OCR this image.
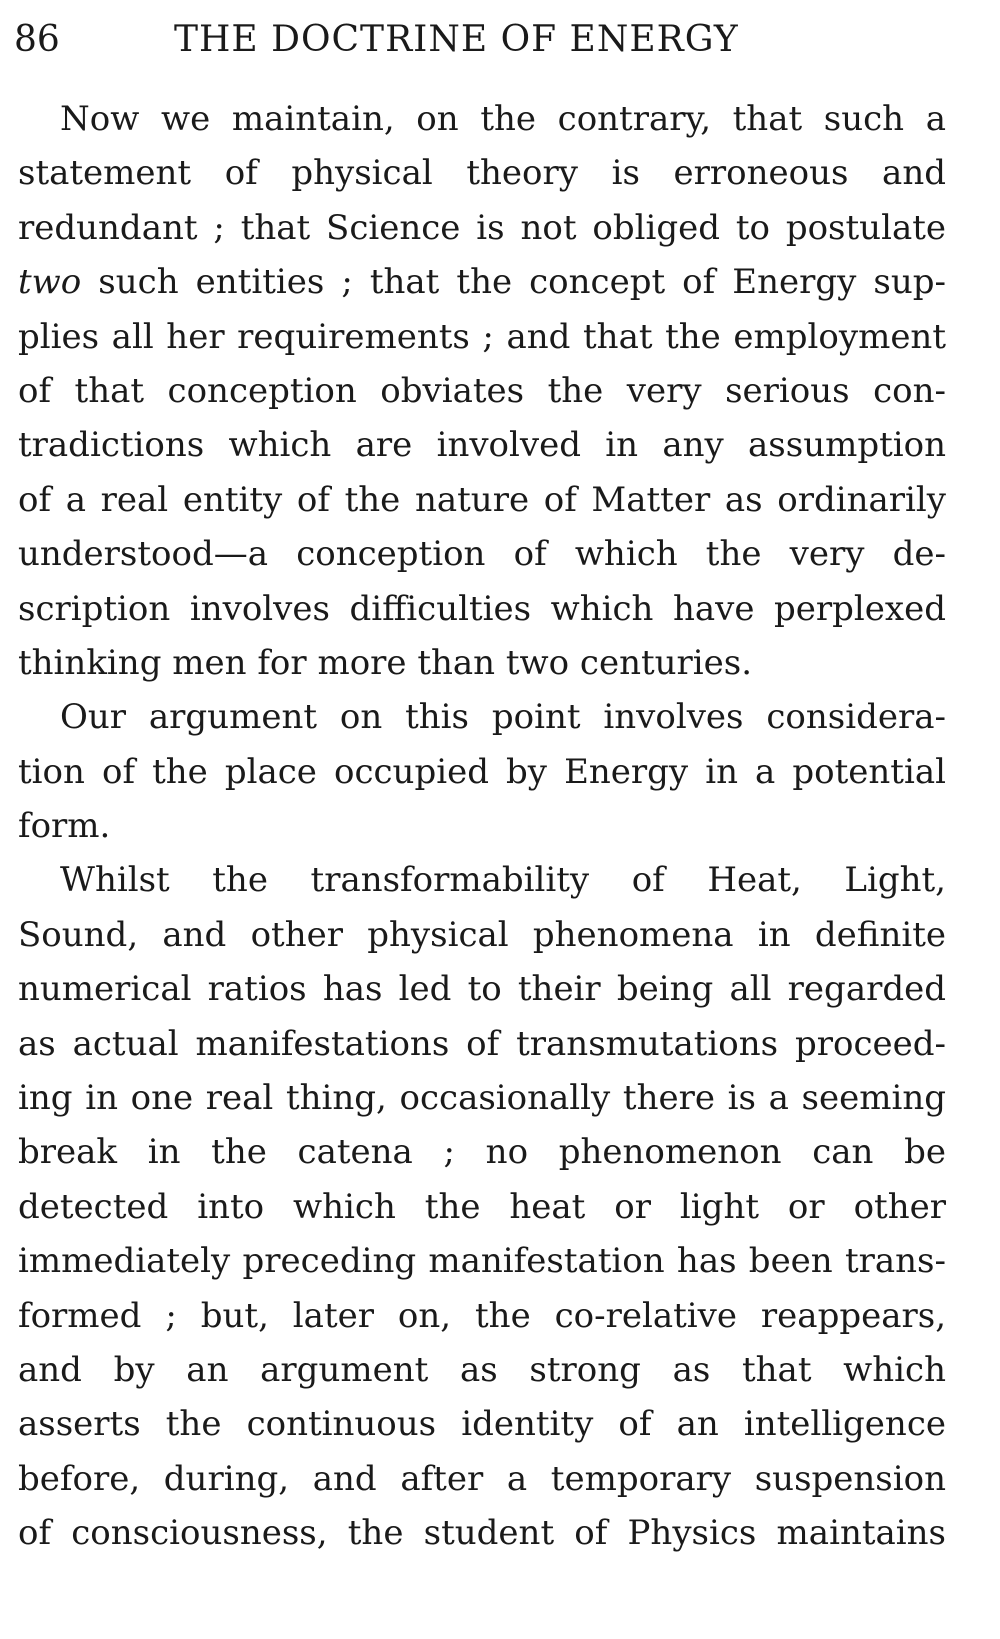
86	THE DOCTRINE OF ENERGY
Now we maintain, on the contrary, that such a
statement of physical theory is erroneous and
redundant ; that Science is not obliged to postulate
two such entities ; that the concept of Energy sup-
plies all her requirements ; and that the employment
of that conception obviates the very serious con-
tradictions which are involved in any assumption
of a real entity of the nature of Matter as ordinarily
understood—a conception of which the very de-
scription involves difficulties which have perplexed
thinking men for more than two centuries.
Our argument on this point involves considera-
tion of the place occupied by Energy in a potential
form.
Whilst the transformability of Heat, Light,
Sound, and other physical phenomena in definite
numerical ratios has led to their being all regarded
as actual manifestations of transmutations proceed-
ing in one real thing, occasionally there is a seeming
break in the catena ; no phenomenon can be
detected into which the heat or light or other
immediately preceding manifestation has been trans-
formed ; but, later on, the co-relative reappears,
and by an argument as strong as that which
asserts the continuous identity of an intelligence
before, during, and after a temporary suspension
of consciousness, the student of Physics maintains
